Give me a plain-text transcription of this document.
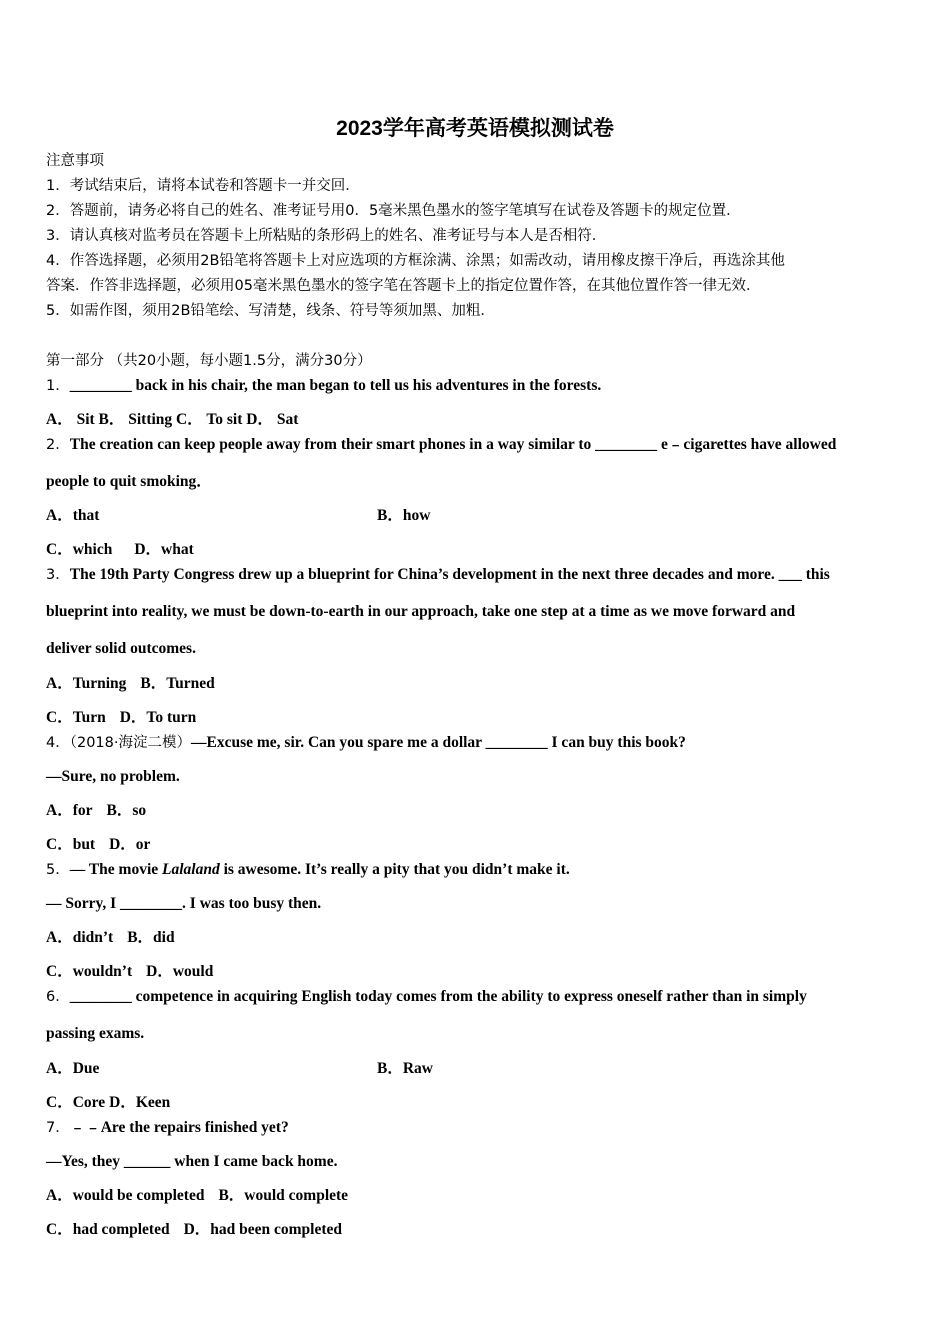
2023学年高考英语模拟测试卷
注意事项
1．考试结束后，请将本试卷和答题卡一并交回．
2．答题前，请务必将自己的姓名、准考证号用0．5毫米黑色墨水的签字笔填写在试卷及答题卡的规定位置．
3．请认真核对监考员在答题卡上所粘贴的条形码上的姓名、准考证号与本人是否相符．
4．作答选择题，必须用2B铅笔将答题卡上对应选项的方框涂满、涂黑；如需改动，请用橡皮擦干净后，再选涂其他
答案．作答非选择题，必须用05毫米黑色墨水的签字笔在答题卡上的指定位置作答，在其他位置作答一律无效．
5．如需作图，须用2B铅笔绘、写清楚，线条、符号等须加黑、加粗．
第一部分 （共20小题，每小题1.5分，满分30分）
1．________ back in his chair, the man began to tell us his adventures in the forests.
A． Sit B． Sitting C． To sit D． Sat
2．The creation can keep people away from their smart phones in a way similar to ________ e﹣cigarettes have allowed
people to quit smoking．
A．that	B．how
C．which D．what
3．The 19th Party Congress drew up a blueprint for China’s development in the next three decades and more. ___ this
blueprint into reality, we must be down-to-earth in our approach, take one step at a time as we move forward and
deliver solid outcomes.
A．Turning B．Turned
C．Turn D．To turn
4．（2018·海淀二模）—Excuse me, sir. Can you spare me a dollar ________ I can buy this book?
—Sure, no problem.
A．for B．so
C．but D．or
5．— The movie Lalaland is awesome. It’s really a pity that you didn’t make it.
— Sorry, I ________. I was too busy then.
A．didn’t B．did
C．wouldn’t D．would
6．________ competence in acquiring English today comes from the ability to express oneself rather than in simply
passing exams.
A．Due	B．Raw
C．Core D．Keen
7．﹣﹣Are the repairs finished yet?
—Yes, they ______ when I came back home.
A．would be completed B．would complete
C．had completed D．had been completed
